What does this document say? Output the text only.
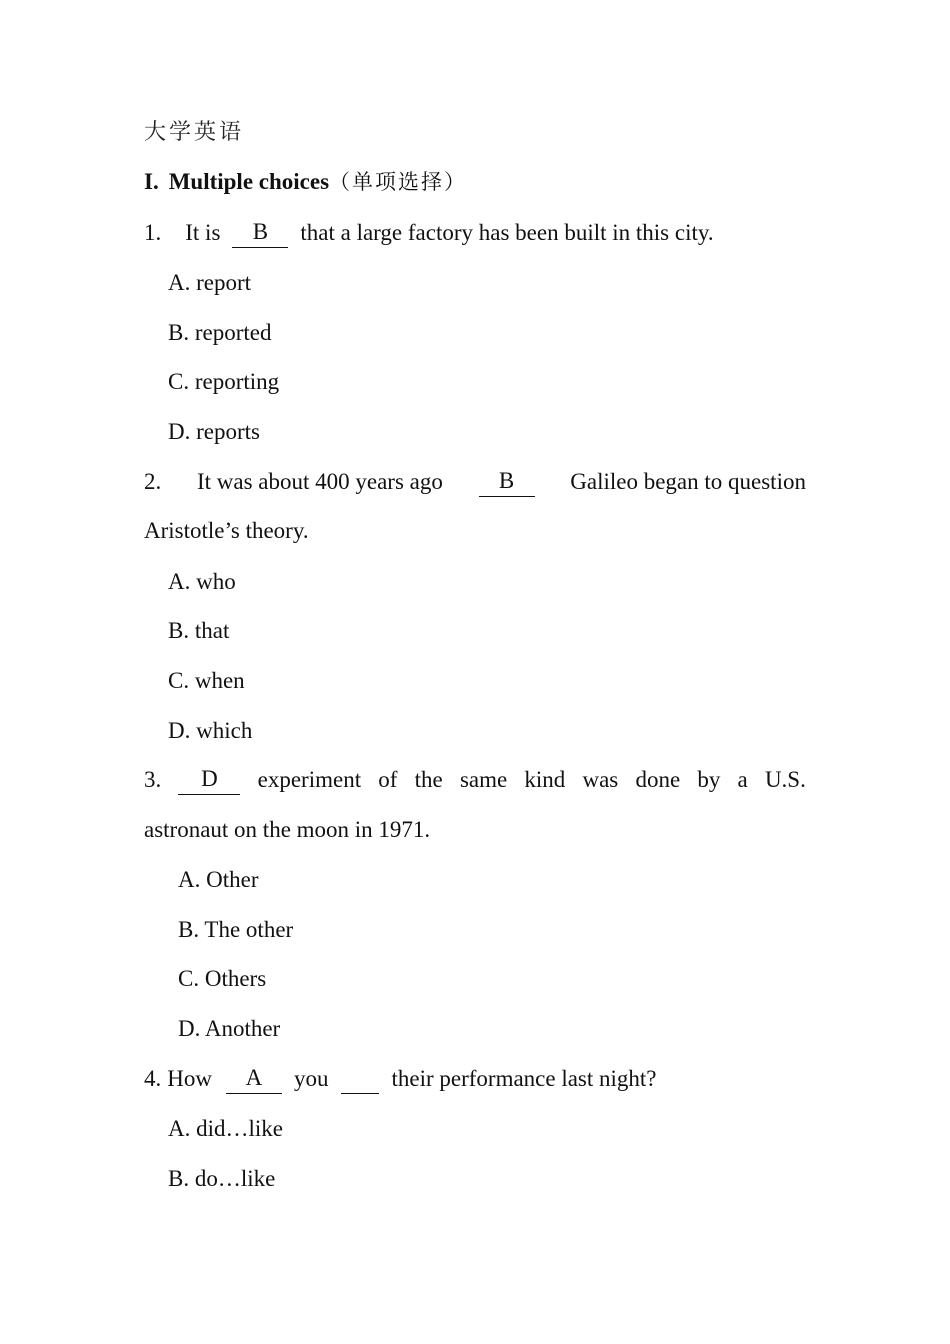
大学英语
I. Multiple choices（单项选择）
1. It is B that a large factory has been built in this city.
A. report
B. reported
C. reporting
D. reports
2. It was about 400 years ago	B	Galileo began to question
Aristotle’s theory.
A. who
B. that
C. when
D. which
3.	D	experiment of the same kind was done by a U.S.
astronaut on the moon in 1971.
A. Other
B. The other
C. Others
D. Another
4. How A you	their performance last night?
A. did…like
B. do…like
